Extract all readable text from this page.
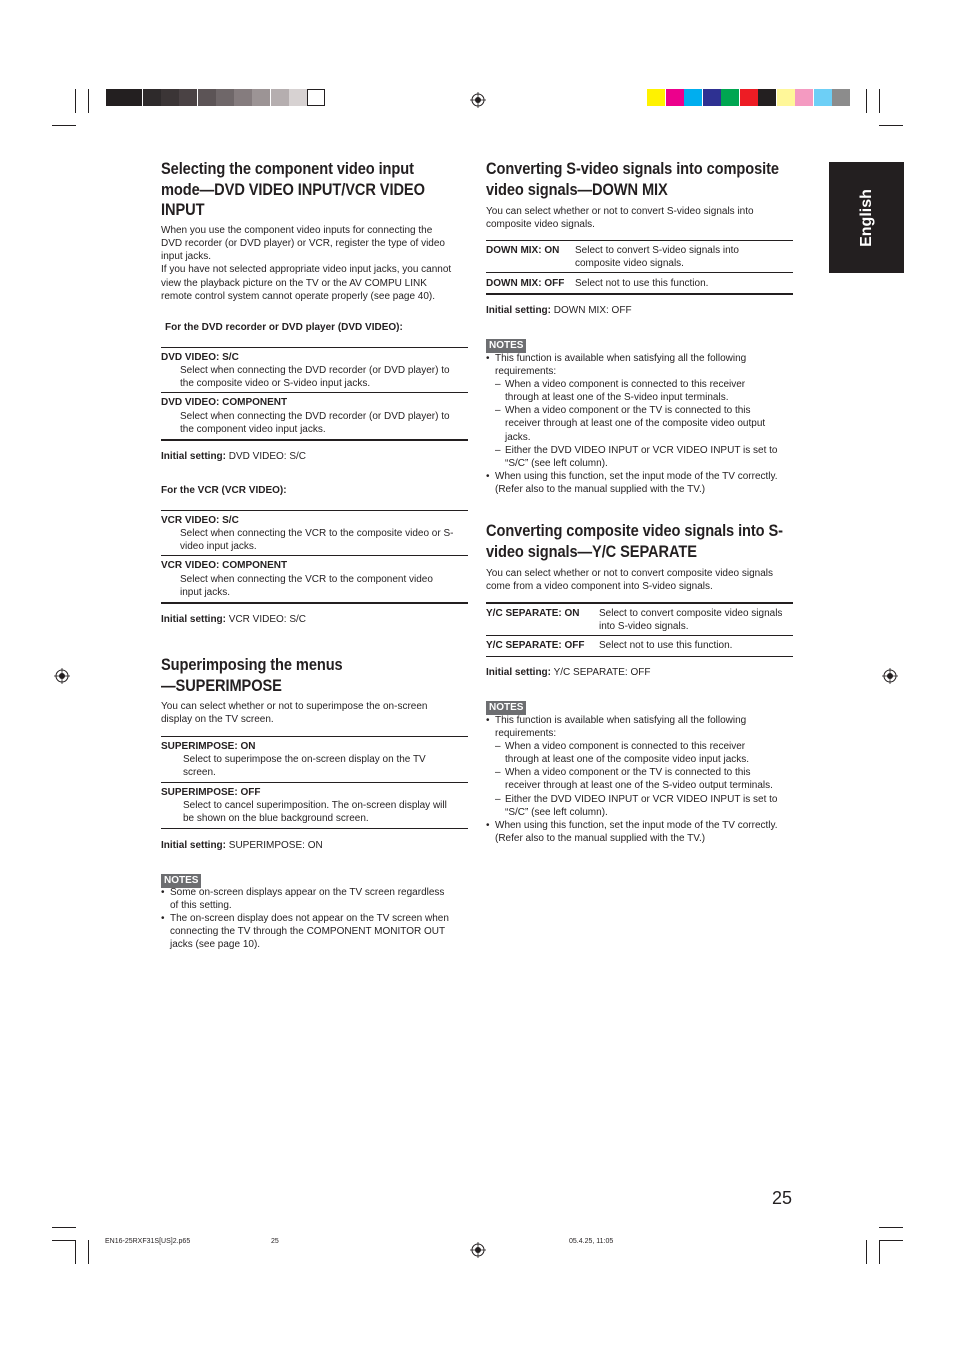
English
Selecting the component video input
mode—DVD VIDEO INPUT/VCR VIDEO
INPUT
When you use the component video inputs for connecting the
DVD recorder (or DVD player) or VCR, register the type of video
input jacks.
If you have not selected appropriate video input jacks, you cannot
view the playback picture on the TV or the AV COMPU LINK
remote control system cannot operate properly (see page 40).
For the DVD recorder or DVD player (DVD VIDEO):
DVD VIDEO: S/C
Select when connecting the DVD recorder (or DVD player) to
the composite video or S-video input jacks.
DVD VIDEO: COMPONENT
Select when connecting the DVD recorder (or DVD player) to
the component video input jacks.
Initial setting: DVD VIDEO: S/C
For the VCR (VCR VIDEO):
VCR VIDEO: S/C
Select when connecting the VCR to the composite video or S-
video input jacks.
VCR VIDEO: COMPONENT
Select when connecting the VCR to the component video
input jacks.
Initial setting: VCR VIDEO: S/C
Superimposing the menus
—SUPERIMPOSE
You can select whether or not to superimpose the on-screen
display on the TV screen.
SUPERIMPOSE: ON
Select to superimpose the on-screen display on the TV
screen.
SUPERIMPOSE: OFF
Select to cancel superimposition. The on-screen display will
be shown on the blue background screen.
Initial setting: SUPERIMPOSE: ON
NOTES
• Some on-screen displays appear on the TV screen regardless
of this setting.
• The on-screen display does not appear on the TV screen when
connecting the TV through the COMPONENT MONITOR OUT
jacks (see page 10).
Converting S-video signals into composite
video signals—DOWN MIX
You can select whether or not to convert S-video signals into
composite video signals.
DOWN MIX: ON Select to convert S-video signals into
composite video signals.
DOWN MIX: OFF Select not to use this function.
Initial setting: DOWN MIX: OFF
NOTES
• This function is available when satisfying all the following
requirements:
– When a video component is connected to this receiver
through at least one of the S-video input terminals.
– When a video component or the TV is connected to this
receiver through at least one of the composite video output
jacks.
– Either the DVD VIDEO INPUT or VCR VIDEO INPUT is set to
“S/C” (see left column).
• When using this function, set the input mode of the TV correctly.
(Refer also to the manual supplied with the TV.)
Converting composite video signals into S-
video signals—Y/C SEPARATE
You can select whether or not to convert composite video signals
come from a video component into S-video signals.
Y/C SEPARATE: ON Select to convert composite video signals
into S-video signals.
Y/C SEPARATE: OFF Select not to use this function.
Initial setting: Y/C SEPARATE: OFF
NOTES
• This function is available when satisfying all the following
requirements:
– When a video component is connected to this receiver
through at least one of the composite video input jacks.
– When a video component or the TV is connected to this
receiver through at least one of the S-video output terminals.
– Either the DVD VIDEO INPUT or VCR VIDEO INPUT is set to
“S/C” (see left column).
• When using this function, set the input mode of the TV correctly.
(Refer also to the manual supplied with the TV.)
25
EN16-25RXF31S[US]2.p65	25	05.4.25, 11:05
